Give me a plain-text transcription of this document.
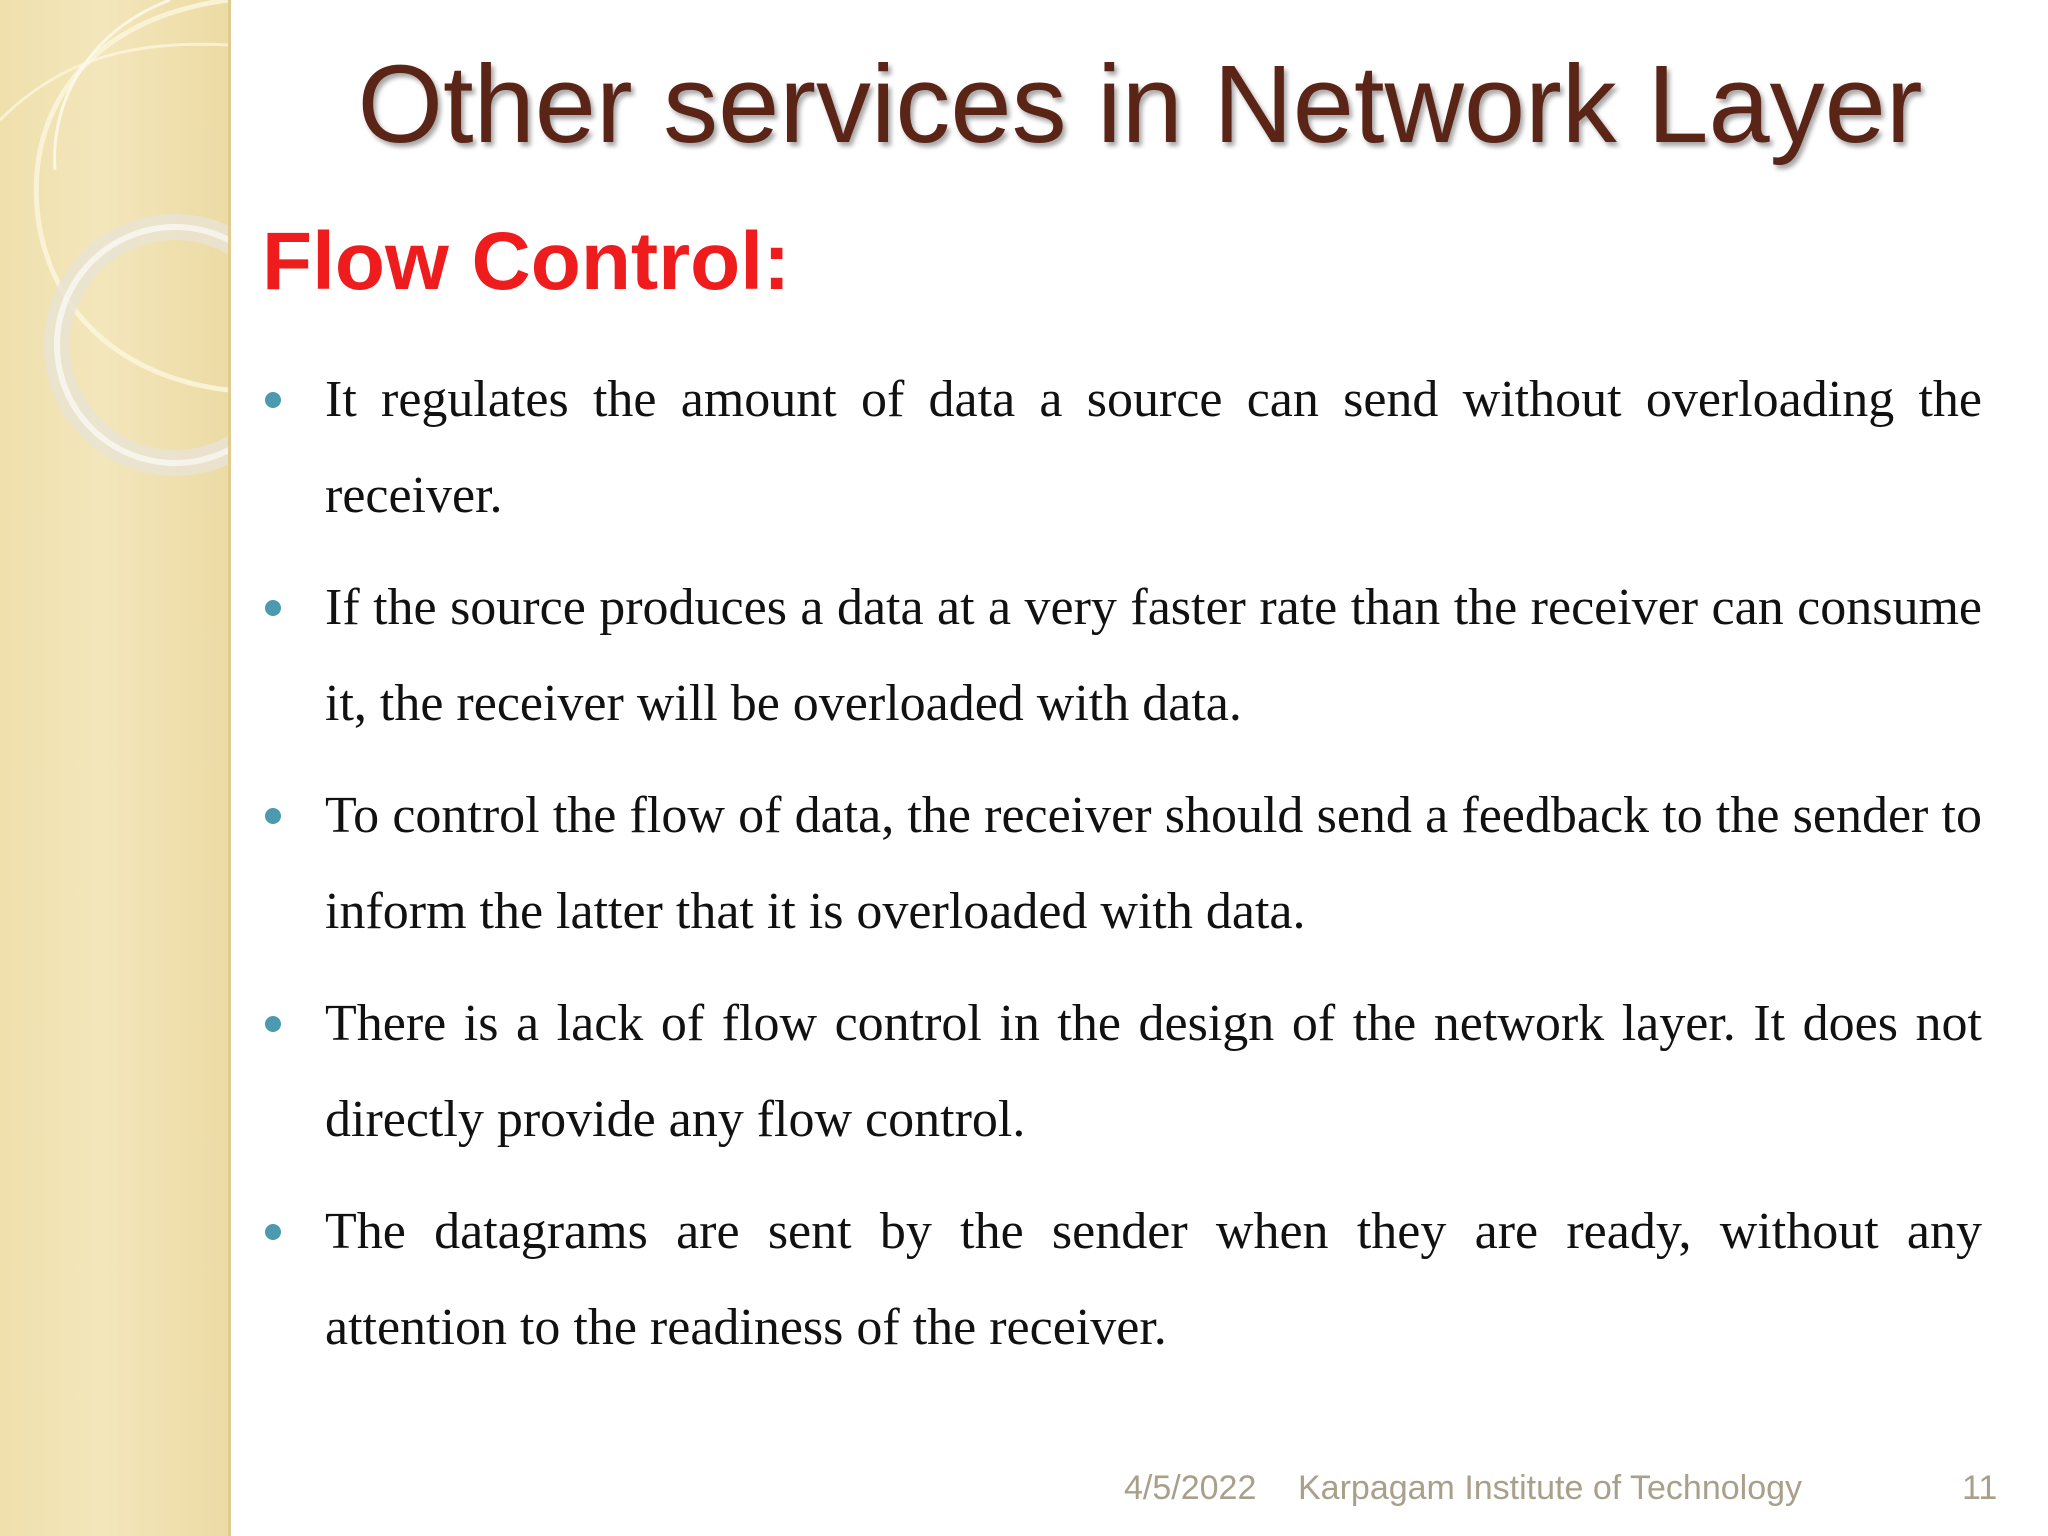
Other services in Network Layer
Flow Control:
It regulates the amount of data a source can send without overloading the receiver.
If the source produces a data at a very faster rate than the receiver can consume it, the receiver will be overloaded with data.
To control the flow of data, the receiver should send a feedback to the sender to inform the latter that it is overloaded with data.
There is a lack of flow control in the design of the network layer. It does not directly provide any flow control.
The datagrams are sent by the sender when they are ready, without any attention to the readiness of the receiver.
4/5/2022 Karpagam Institute of Technology	11
